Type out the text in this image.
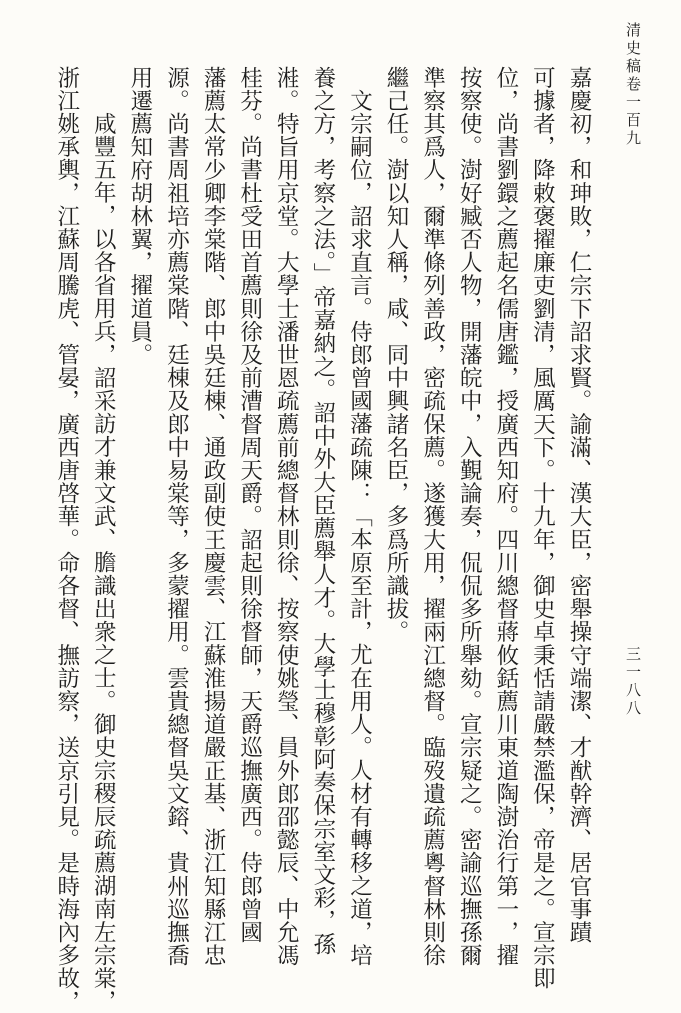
清史稿卷一百九
三一八八
嘉慶初，和珅敗，仁宗下詔求賢。諭滿、漢大臣，密舉操守端潔、才猷幹濟、居官事蹟
可據者，降敕褒擢廉吏劉清，風厲天下。十九年，御史卓秉恬請嚴禁濫保，帝是之。宣宗即
位，尚書劉鐶之薦起名儒唐鑑，授廣西知府。四川總督蔣攸銛薦川東道陶澍治行第一，擢
按察使。澍好臧否人物，開藩皖中，入覲論奏，侃侃多所舉劾。宣宗疑之。密諭巡撫孫爾
準察其爲人，爾準條列善政，密疏保薦。遂獲大用，擢兩江總督。臨歿遺疏薦粵督林則徐
繼己任。澍以知人稱，咸、同中興諸名臣，多爲所識拔。
文宗嗣位，詔求直言。侍郎曾國藩疏陳：「本原至計，尤在用人。人材有轉移之道，培
養之方，考察之法。」帝嘉納之。詔中外大臣薦舉人才。大學士穆彰阿奏保宗室文彩，孫
溎。特旨用京堂。大學士潘世恩疏薦前總督林則徐、按察使姚瑩、員外郎邵懿辰、中允馮
桂芬。尚書杜受田首薦則徐及前漕督周天爵。詔起則徐督師，天爵巡撫廣西。侍郎曾國
藩薦太常少卿李棠階、郎中吳廷棟、通政副使王慶雲、江蘇淮揚道嚴正基、浙江知縣江忠
源。尚書周祖培亦薦棠階、廷棟及郎中易棠等，多蒙擢用。雲貴總督吳文鎔、貴州巡撫喬
用遷薦知府胡林翼，擢道員。
咸豐五年，以各省用兵，詔采訪才兼文武、膽識出衆之士。御史宗稷辰疏薦湖南左宗棠，
浙江姚承輿，江蘇周騰虎、管晏，廣西唐啓華。命各督、撫訪察，送京引見。是時海內多故，
